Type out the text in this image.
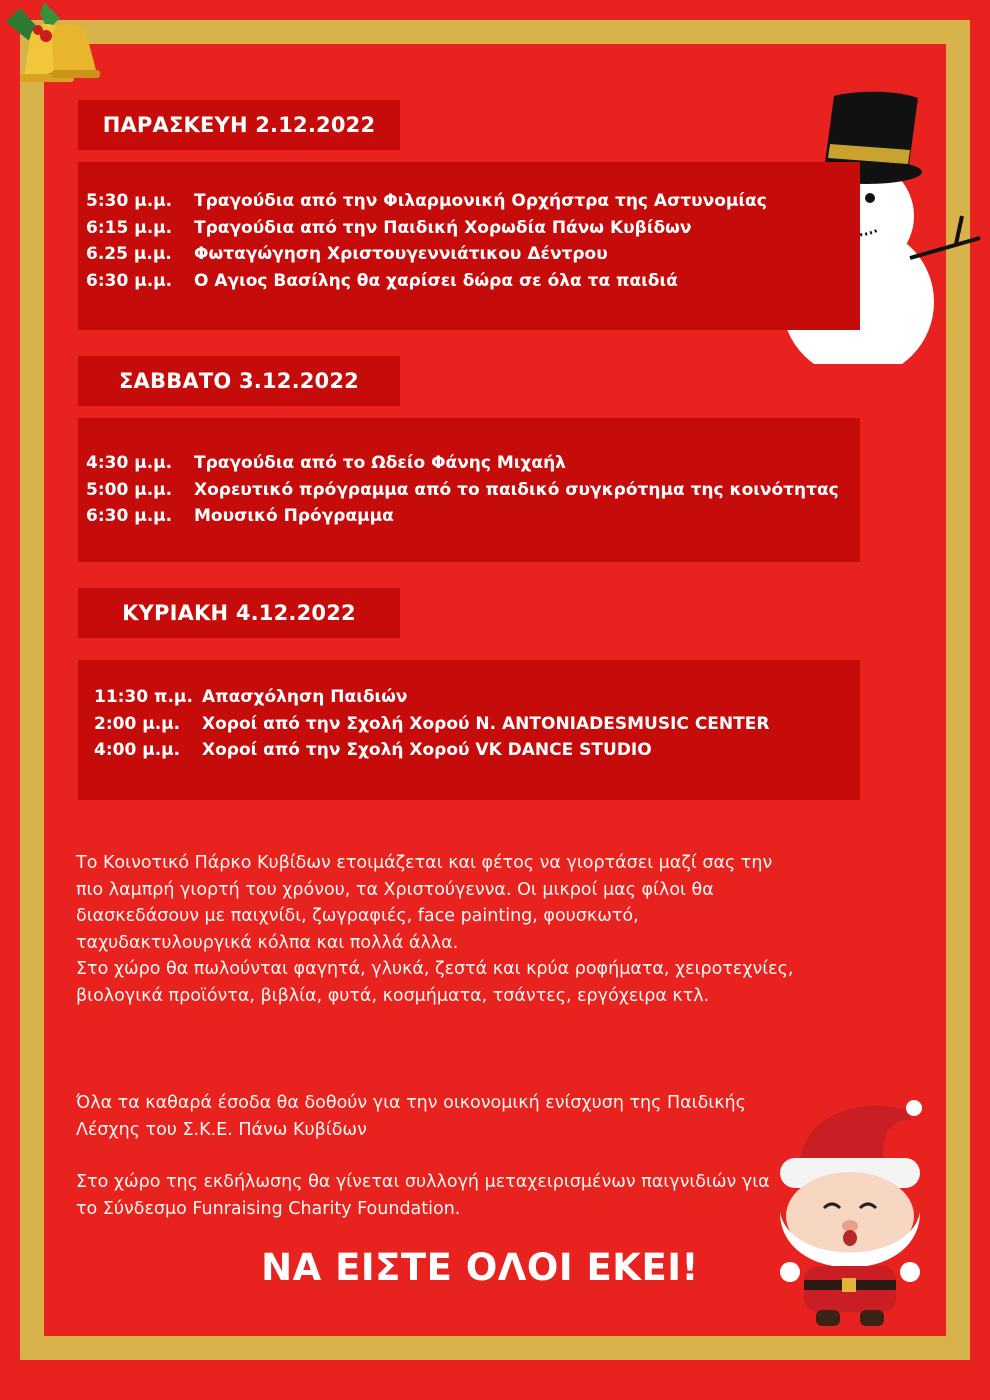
ΠΑΡΑΣΚΕΥΗ 2.12.2022
5:30 μ.μ.	Τραγούδια από την Φιλαρμονική Ορχήστρα της Αστυνομίας
6:15 μ.μ.	Τραγούδια από την Παιδική Χορωδία Πάνω Κυβίδων
6.25 μ.μ.	Φωταγώγηση Χριστουγεννιάτικου Δέντρου
6:30 μ.μ.	Ο Αγιος Βασίλης θα χαρίσει δώρα σε όλα τα παιδιά
ΣΑΒΒΑΤΟ 3.12.2022
4:30 μ.μ.	Τραγούδια από το Ωδείο Φάνης Μιχαήλ
5:00 μ.μ.	Χορευτικό πρόγραμμα από το παιδικό συγκρότημα της κοινότητας
6:30 μ.μ.	Μουσικό Πρόγραμμα
ΚΥΡΙΑΚΗ 4.12.2022
11:30 π.μ. Απασχόληση Παιδιών
2:00 μ.μ.	Χοροί από την Σχολή Χορού Ν. ANTONIADESMUSIC CENTER
4:00 μ.μ.	Χοροί από την Σχολή Χορού VK DANCE STUDIO

Το Κοινοτικό Πάρκο Κυβίδων ετοιμάζεται και φέτος να γιορτάσει μαζί σας την πιο λαμπρή γιορτή του χρόνου, τα Χριστούγεννα. Οι μικροί μας φίλοι θα διασκεδάσουν με παιχνίδι, ζωγραφιές, face painting, φουσκωτό, ταχυδακτυλουργικά κόλπα και πολλά άλλα.

Στο χώρο θα πωλούνται φαγητά, γλυκά, ζεστά και κρύα ροφήματα, χειροτεχνίες, βιολογικά προϊόντα, βιβλία, φυτά, κοσμήματα, τσάντες, εργόχειρα κτλ.

Όλα τα καθαρά έσοδα θα δοθούν για την οικονομική ενίσχυση της Παιδικής Λέσχης του Σ.Κ.Ε. Πάνω Κυβίδων

Στο χώρο της εκδήλωσης θα γίνεται συλλογή μεταχειρισμένων παιγνιδιών για το Σύνδεσμο Funraising Charity Foundation.

ΝΑ ΕΙΣΤΕ ΟΛΟΙ ΕΚΕΙ!
